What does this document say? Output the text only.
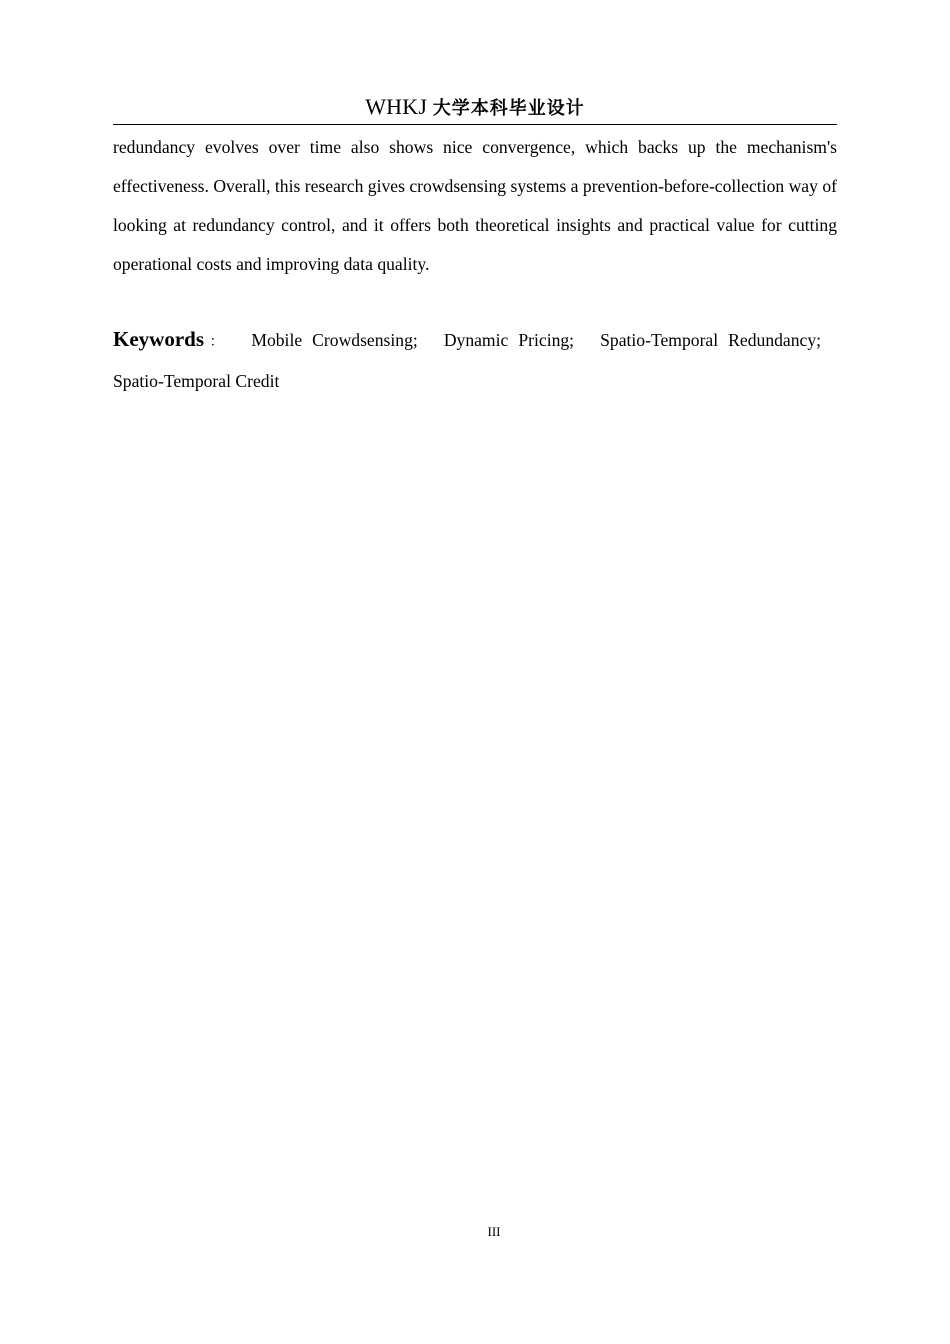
WHKJ 大学本科毕业设计

redundancy evolves over time also shows nice convergence, which backs up the mechanism's effectiveness. Overall, this research gives crowdsensing systems a prevention-before-collection way of looking at redundancy control, and it offers both theoretical insights and practical value for cutting operational costs and improving data quality.

Keywords： Mobile Crowdsensing; Dynamic Pricing; Spatio-Temporal Redundancy; Spatio-Temporal Credit

III
